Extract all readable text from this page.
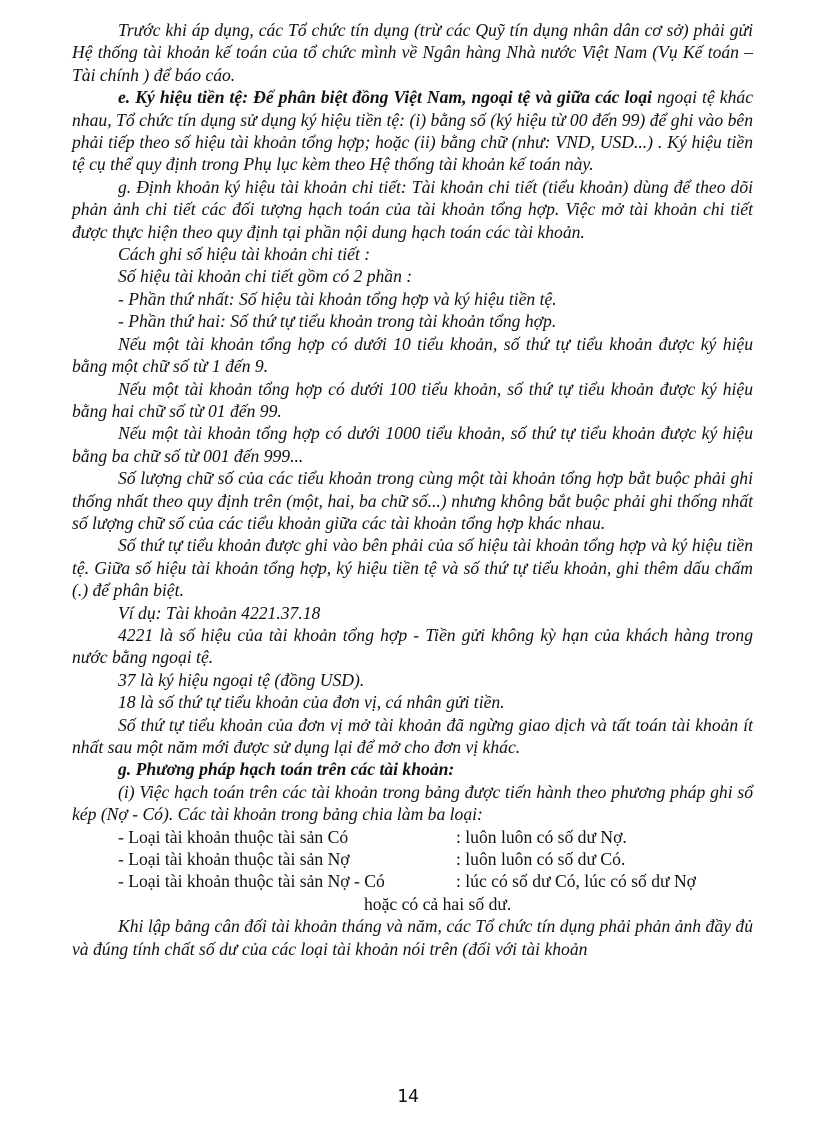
Trước khi áp dụng, các Tổ chức tín dụng (trừ các Quỹ tín dụng nhân dân cơ sở) phải gửi Hệ thống tài khoản kế toán của tổ chức mình về Ngân hàng Nhà nước Việt Nam (Vụ Kế toán – Tài chính ) để báo cáo.

e. Ký hiệu tiền tệ: Để phân biệt đồng Việt Nam, ngoại tệ và giữa các loại ngoại tệ khác nhau, Tổ chức tín dụng sử dụng ký hiệu tiền tệ: (i) bằng số (ký hiệu từ 00 đến 99) để ghi vào bên phải tiếp theo số hiệu tài khoản tổng hợp; hoặc (ii) bằng chữ (như: VND, USD...) . Ký hiệu tiền tệ cụ thể quy định trong Phụ lục kèm theo Hệ thống tài khoản kế toán này.

g. Định khoản ký hiệu tài khoản chi tiết: Tài khoản chi tiết (tiểu khoản) dùng để theo dõi phản ảnh chi tiết các đối tượng hạch toán của tài khoản tổng hợp. Việc mở tài khoản chi tiết được thực hiện theo quy định tại phần nội dung hạch toán các tài khoản.

Cách ghi số hiệu tài khoản chi tiết :

Số hiệu tài khoản chi tiết gồm có 2 phần :

- Phần thứ nhất: Số hiệu tài khoản tổng hợp và ký hiệu tiền tệ.

- Phần thứ hai: Số thứ tự tiểu khoản trong tài khoản tổng hợp.

Nếu một tài khoản tổng hợp có dưới 10 tiểu khoản, số thứ tự tiểu khoản được ký hiệu bằng một chữ số từ 1 đến 9.

Nếu một tài khoản tổng hợp có dưới 100 tiểu khoản, số thứ tự tiểu khoản được ký hiệu bằng hai chữ số từ 01 đến 99.

Nếu một tài khoản tổng hợp có dưới 1000 tiểu khoản, số thứ tự tiểu khoản được ký hiệu bằng ba chữ số từ 001 đến 999...

Số lượng chữ số của các tiểu khoản trong cùng một tài khoản tổng hợp bắt buộc phải ghi thống nhất theo quy định trên (một, hai, ba chữ số...) nhưng không bắt buộc phải ghi thống nhất số lượng chữ số của các tiểu khoản giữa các tài khoản tổng hợp khác nhau.

Số thứ tự tiểu khoản được ghi vào bên phải của số hiệu tài khoản tổng hợp và ký hiệu tiền tệ. Giữa số hiệu tài khoản tổng hợp, ký hiệu tiền tệ và số thứ tự tiểu khoản, ghi thêm dấu chấm (.) để phân biệt.

Ví dụ: Tài khoản 4221.37.18

4221 là số hiệu của tài khoản tổng hợp - Tiền gửi không kỳ hạn của khách hàng trong nước bằng ngoại tệ.

37 là ký hiệu ngoại tệ (đồng USD).

18 là số thứ tự tiểu khoản của đơn vị, cá nhân gửi tiền.

Số thứ tự tiểu khoản của đơn vị mở tài khoản đã ngừng giao dịch và tất toán tài khoản ít nhất sau một năm mới được sử dụng lại để mở cho đơn vị khác.

g. Phương pháp hạch toán trên các tài khoản:

(i) Việc hạch toán trên các tài khoản trong bảng được tiến hành theo phương pháp ghi sổ kép (Nợ - Có). Các tài khoản trong bảng chia làm ba loại:

- Loại tài khoản thuộc tài sản Có	: luôn luôn có số dư Nợ.
- Loại tài khoản thuộc tài sản Nợ	: luôn luôn có số dư Có.
- Loại tài khoản thuộc tài sản Nợ - Có	: lúc có số dư Có, lúc có số dư Nợ

hoặc có cả hai số dư.

Khi lập bảng cân đối tài khoản tháng và năm, các Tổ chức tín dụng phải phản ảnh đầy đủ và đúng tính chất số dư của các loại tài khoản nói trên (đối với tài khoản

14
